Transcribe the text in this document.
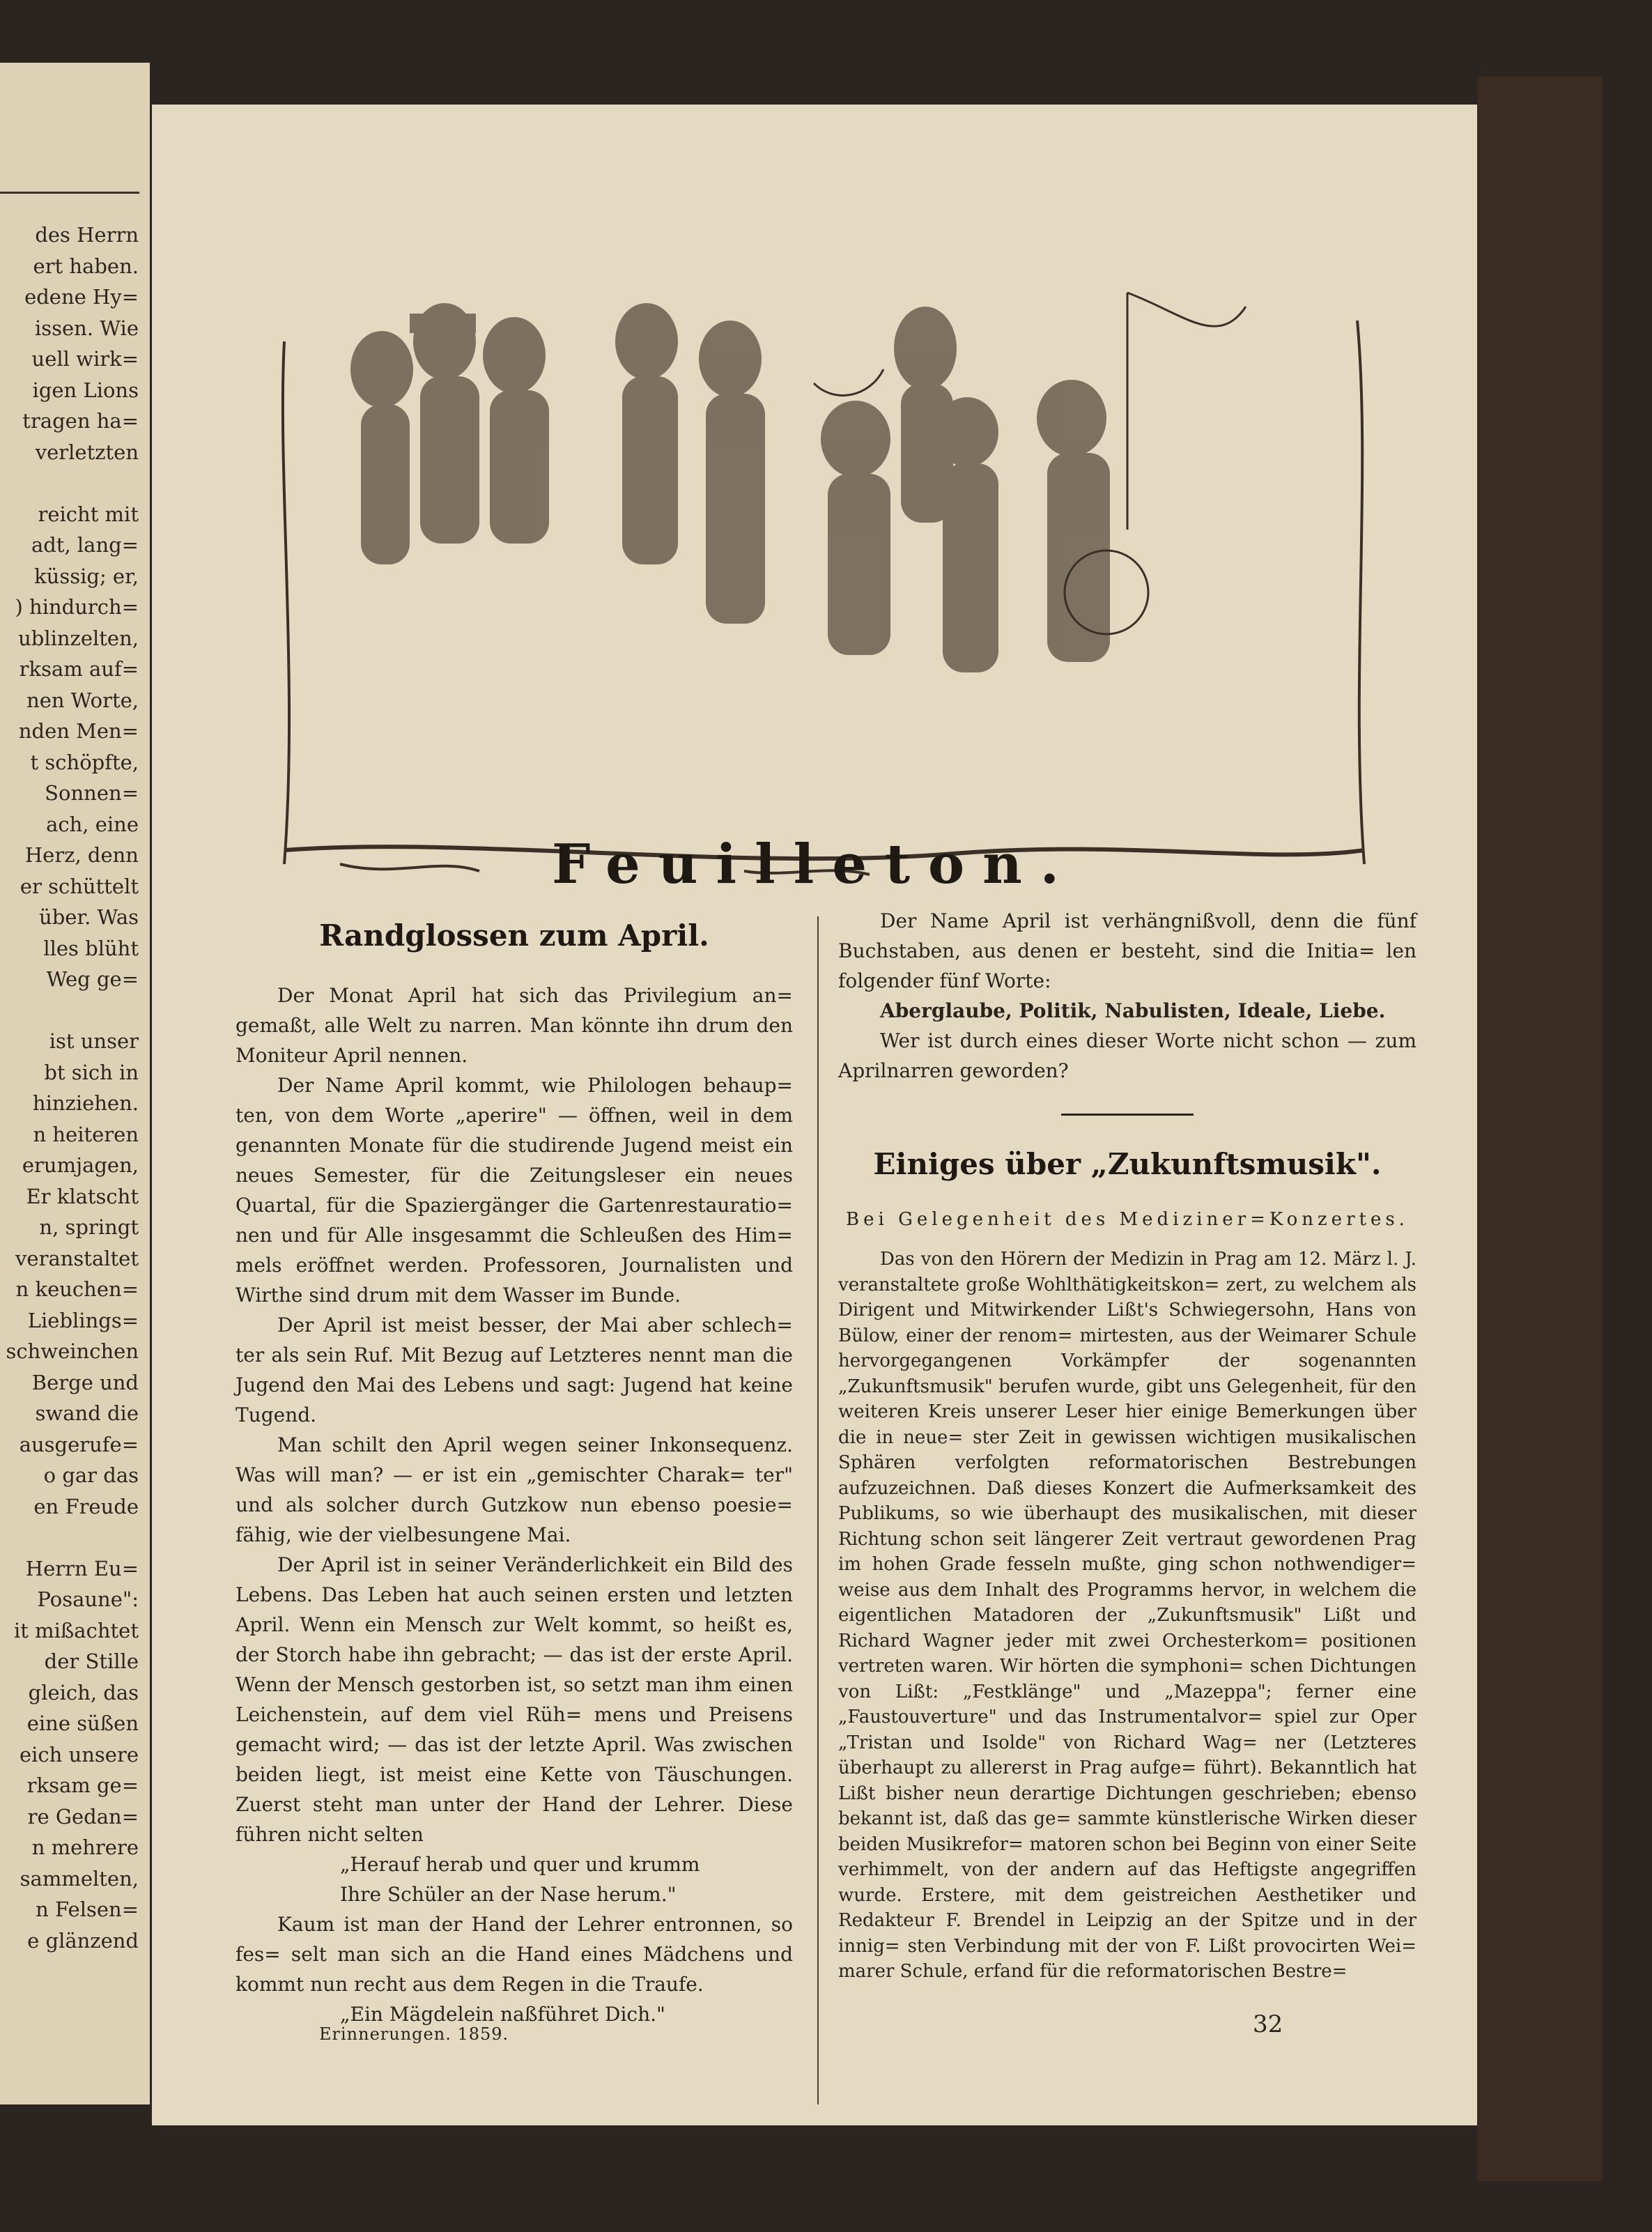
des Herrn
ert haben.
edene Hy=
issen. Wie
uell wirk=
igen Lions
tragen ha=
verletzten
reicht mit
adt, lang=
küssig; er,
) hindurch=
ublinzelten,
rksam auf=
nen Worte,
nden Men=
t schöpfte,
Sonnen=
ach, eine
Herz, denn
er schüttelt
über. Was
lles blüht
Weg ge=
ist unser
bt sich in
hinziehen.
n heiteren
erumjagen,
Er klatscht
n, springt
veranstaltet
n keuchen=
Lieblings=
schweinchen
Berge und
swand die
ausgerufe=
o gar das
en Freude
Herrn Eu=
Posaune":
it mißachtet
der Stille
gleich, das
eine süßen
eich unsere
rksam ge=
re Gedan=
n mehrere
sammelten,
n Felsen=
e glänzend
Feuilleton.
Randglossen zum April.

Der Monat April hat sich das Privilegium an= gemaßt, alle Welt zu narren. Man könnte ihn drum den Moniteur April nennen.

Der Name April kommt, wie Philologen behaup= ten, von dem Worte „aperire" — öffnen, weil in dem genannten Monate für die studirende Jugend meist ein neues Semester, für die Zeitungsleser ein neues Quartal, für die Spaziergänger die Gartenrestauratio= nen und für Alle insgesammt die Schleußen des Him= mels eröffnet werden. Professoren, Journalisten und Wirthe sind drum mit dem Wasser im Bunde.

Der April ist meist besser, der Mai aber schlech= ter als sein Ruf. Mit Bezug auf Letzteres nennt man die Jugend den Mai des Lebens und sagt: Jugend hat keine Tugend.

Man schilt den April wegen seiner Inkonsequenz. Was will man? — er ist ein „gemischter Charak= ter" und als solcher durch Gutzkow nun ebenso poesie= fähig, wie der vielbesungene Mai.

Der April ist in seiner Veränderlichkeit ein Bild des Lebens. Das Leben hat auch seinen ersten und letzten April. Wenn ein Mensch zur Welt kommt, so heißt es, der Storch habe ihn gebracht; — das ist der erste April. Wenn der Mensch gestorben ist, so setzt man ihm einen Leichenstein, auf dem viel Rüh= mens und Preisens gemacht wird; — das ist der letzte April. Was zwischen beiden liegt, ist meist eine Kette von Täuschungen. Zuerst steht man unter der Hand der Lehrer. Diese führen nicht selten

„Herauf herab und quer und krumm

Ihre Schüler an der Nase herum."

Kaum ist man der Hand der Lehrer entronnen, so fes= selt man sich an die Hand eines Mädchens und kommt nun recht aus dem Regen in die Traufe.

„Ein Mägdelein naßführet Dich."

Der Name April ist verhängnißvoll, denn die fünf Buchstaben, aus denen er besteht, sind die Initia= len folgender fünf Worte:

Aberglaube, Politik, Nabulisten, Ideale, Liebe.

Wer ist durch eines dieser Worte nicht schon — zum Aprilnarren geworden?

Einiges über „Zukunftsmusik".
Bei Gelegenheit des Mediziner=Konzertes.

Das von den Hörern der Medizin in Prag am 12. März l. J. veranstaltete große Wohlthätigkeitskon= zert, zu welchem als Dirigent und Mitwirkender Lißt's Schwiegersohn, Hans von Bülow, einer der renom= mirtesten, aus der Weimarer Schule hervorgegangenen Vorkämpfer der sogenannten „Zukunftsmusik" berufen wurde, gibt uns Gelegenheit, für den weiteren Kreis unserer Leser hier einige Bemerkungen über die in neue= ster Zeit in gewissen wichtigen musikalischen Sphären verfolgten reformatorischen Bestrebungen aufzuzeichnen. Daß dieses Konzert die Aufmerksamkeit des Publikums, so wie überhaupt des musikalischen, mit dieser Richtung schon seit längerer Zeit vertraut gewordenen Prag im hohen Grade fesseln mußte, ging schon nothwendiger= weise aus dem Inhalt des Programms hervor, in welchem die eigentlichen Matadoren der „Zukunftsmusik" Lißt und Richard Wagner jeder mit zwei Orchesterkom= positionen vertreten waren. Wir hörten die symphoni= schen Dichtungen von Lißt: „Festklänge" und „Mazeppa"; ferner eine „Faustouverture" und das Instrumentalvor= spiel zur Oper „Tristan und Isolde" von Richard Wag= ner (Letzteres überhaupt zu allererst in Prag aufge= führt). Bekanntlich hat Lißt bisher neun derartige Dichtungen geschrieben; ebenso bekannt ist, daß das ge= sammte künstlerische Wirken dieser beiden Musikrefor= matoren schon bei Beginn von einer Seite verhimmelt, von der andern auf das Heftigste angegriffen wurde. Erstere, mit dem geistreichen Aesthetiker und Redakteur F. Brendel in Leipzig an der Spitze und in der innig= sten Verbindung mit der von F. Lißt provocirten Wei= marer Schule, erfand für die reformatorischen Bestre=

Erinnerungen. 1859.	32
